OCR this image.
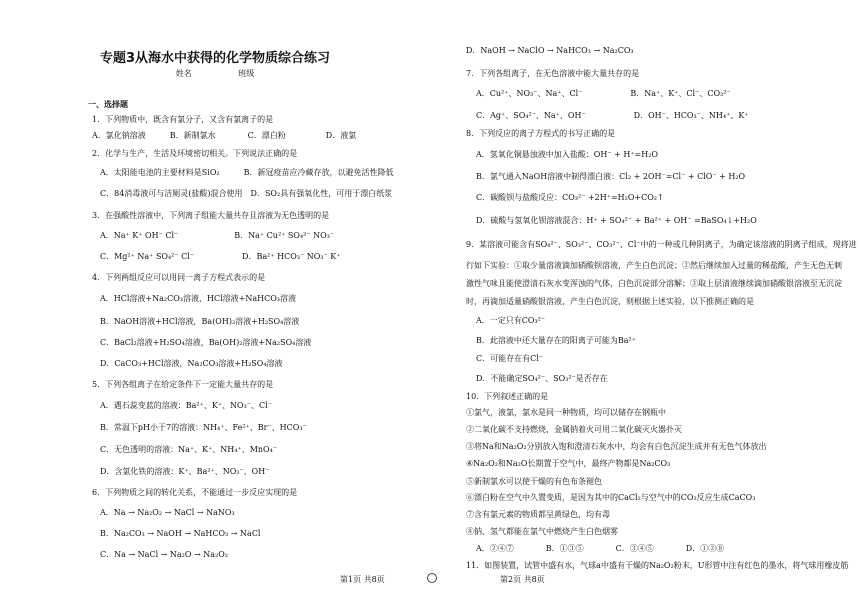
专题3从海水中获得的化学物质综合练习
姓名	班级
一、选择题
1．下列物质中，既含有氯分子，又含有氯离子的是
A．氯化钠溶液　　　B．新制氯水　　　　C．漂白粉　　　　　D．液氯
2．化学与生产，生活及环境密切相关。下列说法正确的是
A．太阳能电池的主要材料是SiO₂　　　B．新冠疫苗应冷藏存放，以避免活性降低
C．84消毒液可与洁厕灵(盐酸)混合使用　D．SO₂具有强氧化性，可用于漂白纸浆
3．在强酸性溶液中，下列离子组能大量共存且溶液为无色透明的是
A．Na⁺ K⁺ OH⁻ Cl⁻　　　　　　　B．Na⁺ Cu²⁺ SO₄²⁻ NO₃⁻
C．Mg²⁺ Na⁺ SO₄²⁻ Cl⁻　　　　　　D．Ba²⁺ HCO₃⁻ NO₃⁻ K⁺
4．下列两组反应可以用同一离子方程式表示的是
A．HCl溶液+Na₂CO₃溶液，HCl溶液+NaHCO₃溶液
B．NaOH溶液+HCl溶液，Ba(OH)₂溶液+H₂SO₄溶液
C．BaCl₂溶液+H₂SO₄溶液，Ba(OH)₂溶液+Na₂SO₄溶液
D．CaCO₃+HCl溶液，Na₂CO₃溶液+H₂SO₄溶液
5．下列各组离子在给定条件下一定能大量共存的是
A．遇石蕊变蓝的溶液：Ba²⁺、K⁺、NO₃⁻、Cl⁻
B．常温下pH小于7的溶液：NH₄⁺、Fe²⁺、Br⁻、HCO₃⁻
C．无色透明的溶液：Na⁺、K⁺、NH₄⁺、MnO₄⁻
D．含氯化铁的溶液：K⁺、Ba²⁺、NO₃⁻、OH⁻
6．下列物质之间的转化关系，不能通过一步反应实现的是
A．Na → Na₂O₂ → NaCl → NaNO₃
B．Na₂CO₃ → NaOH → NaHCO₃ → NaCl
C．Na → NaCl → Na₂O → Na₂O₂
第1页 共8页
D．NaOH → NaClO → NaHCO₃ → Na₂CO₃
7．下列各组离子，在无色溶液中能大量共存的是
A．Cu²⁺、NO₃⁻、Na⁺、Cl⁻　　　　　　B．Na⁺、K⁺、Cl⁻、CO₃²⁻
C．Ag⁺、SO₄²⁻、Na⁺、OH⁻　　　　　　D．OH⁻、HCO₃⁻、NH₄⁺、K⁺
8．下列反应的离子方程式的书写正确的是
A．氢氧化铜悬浊液中加入盐酸：OH⁻ + H⁺=H₂O
B．氯气通入NaOH溶液中制得漂白液：Cl₂ + 2OH⁻=Cl⁻ + ClO⁻ + H₂O
C．碳酸钡与盐酸反应：CO₃²⁻ +2H⁺=H₂O+CO₂↑
D．硫酸与氢氧化钡溶液混合：H⁺ + SO₄²⁻ + Ba²⁺ + OH⁻ =BaSO₄↓+H₂O
9．某溶液可能含有SO₄²⁻、SO₃²⁻、CO₃²⁻、Cl⁻中的一种或几种阴离子，为确定该溶液的阴离子组成，现将进
行如下实验：①取少量溶液滴加硝酸钡溶液，产生白色沉淀；②然后继续加入过量的稀盐酸，产生无色无刺
激性气味且能使澄清石灰水变浑浊的气体，白色沉淀部分溶解；③取上层清液继续滴加硝酸银溶液至无沉淀
时，再滴加适量硝酸银溶液，产生白色沉淀，则根据上述实验，以下推测正确的是
A．一定只有CO₃²⁻
B．此溶液中还大量存在的阳离子可能为Ba²⁺
C．可能存在有Cl⁻
D．不能确定SO₄²⁻、SO₃²⁻是否存在
10．下列叙述正确的是
①氯气，液氯，氯水是同一种物质，均可以储存在钢瓶中
②二氧化碳不支持燃烧，金属钠着火可用二氧化碳灭火器扑灭
③将Na和Na₂O₂分别放入饱和澄清石灰水中，均会有白色沉淀生成并有无色气体放出
④Na₂O₂和Na₂O长期置于空气中，最终产物都是Na₂CO₃
⑤新制氯水可以使干燥的有色布条褪色
⑥漂白粉在空气中久置变质，是因为其中的CaCl₂与空气中的CO₂反应生成CaCO₃
⑦含有氯元素的物质都呈黄绿色，均有毒
⑧钠、氢气都能在氯气中燃烧产生白色烟雾
A．②④⑦　　　　B．①③⑤　　　　C．③④⑤　　　　D．①②⑧
11．如图装置，试管中盛有水，气球a中盛有干燥的Na₂O₂粉末，U形管中注有红色的墨水，将气球用橡皮筋
第2页 共8页
